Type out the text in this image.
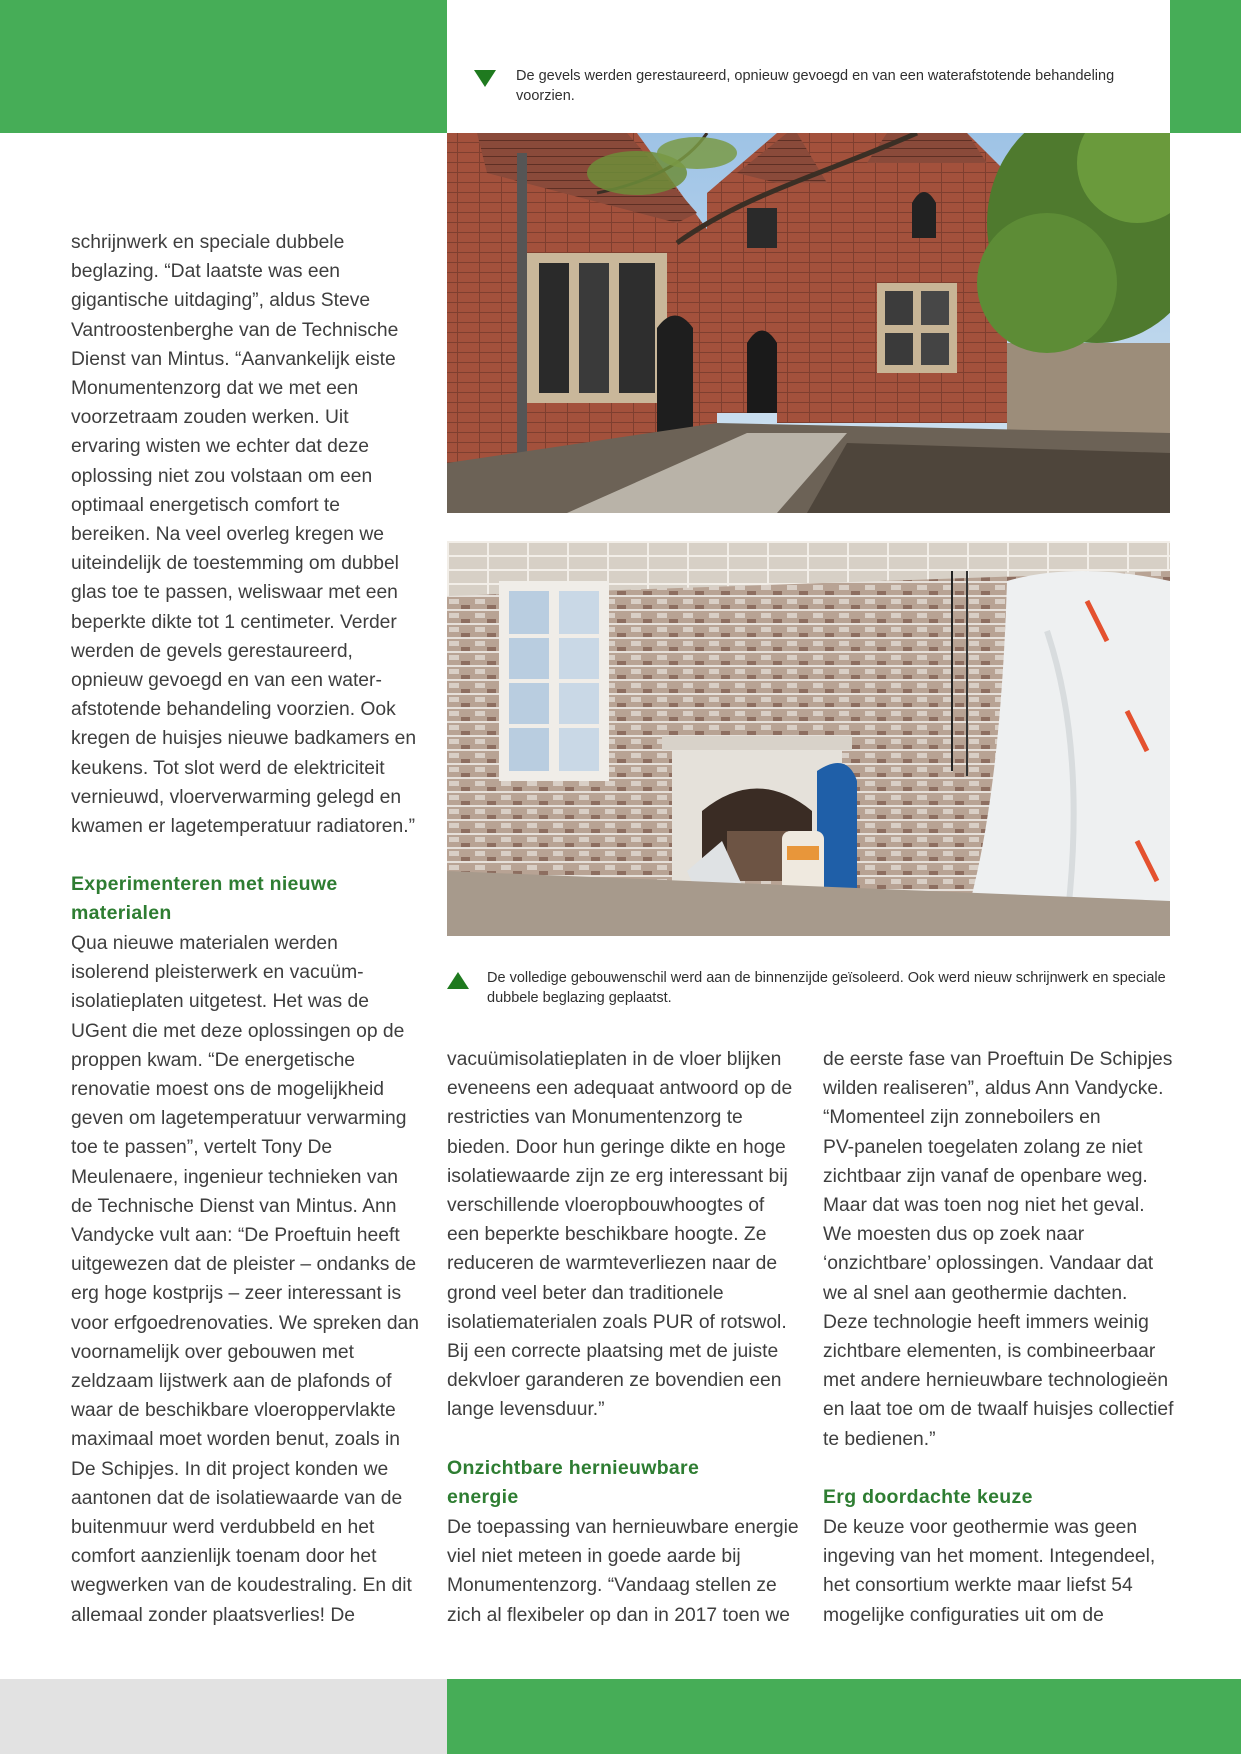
De gevels werden gerestaureerd, opnieuw gevoegd en van een waterafstotende behandeling voorzien.
De volledige gebouwenschil werd aan de binnenzijde geïsoleerd. Ook werd nieuw schrijnwerk en speciale dubbele beglazing geplaatst.
schrijnwerk en speciale dubbele
beglazing. “Dat laatste was een
gigantische uitdaging”, aldus Steve
Vantroostenberghe van de Technische
Dienst van Mintus. “Aanvankelijk eiste
Monumentenzorg dat we met een
voorzetraam zouden werken. Uit
ervaring wisten we echter dat deze
oplossing niet zou volstaan om een
optimaal energetisch comfort te
bereiken. Na veel overleg kregen we
uiteindelijk de toestemming om dubbel
glas toe te passen, weliswaar met een
beperkte dikte tot 1 centimeter. Verder
werden de gevels gerestaureerd,
opnieuw gevoegd en van een water-
afstotende behandeling voorzien. Ook
kregen de huisjes nieuwe badkamers en
keukens. Tot slot werd de elektriciteit
vernieuwd, vloerverwarming gelegd en
kwamen er lagetemperatuur radiatoren.”
Experimenteren met nieuwe
materialen
Qua nieuwe materialen werden
isolerend pleisterwerk en vacuüm-
isolatieplaten uitgetest. Het was de
UGent die met deze oplossingen op de
proppen kwam. “De energetische
renovatie moest ons de mogelijkheid
geven om lagetemperatuur verwarming
toe te passen”, vertelt Tony De
Meulenaere, ingenieur technieken van
de Technische Dienst van Mintus. Ann
Vandycke vult aan: “De Proeftuin heeft
uitgewezen dat de pleister – ondanks de
erg hoge kostprijs – zeer interessant is
voor erfgoedrenovaties. We spreken dan
voornamelijk over gebouwen met
zeldzaam lijstwerk aan de plafonds of
waar de beschikbare vloeroppervlakte
maximaal moet worden benut, zoals in
De Schipjes. In dit project konden we
aantonen dat de isolatiewaarde van de
buitenmuur werd verdubbeld en het
comfort aanzienlijk toenam door het
wegwerken van de koudestraling. En dit
allemaal zonder plaatsverlies! De
vacuümisolatieplaten in de vloer blijken
eveneens een adequaat antwoord op de
restricties van Monumentenzorg te
bieden. Door hun geringe dikte en hoge
isolatiewaarde zijn ze erg interessant bij
verschillende vloeropbouwhoogtes of
een beperkte beschikbare hoogte. Ze
reduceren de warmteverliezen naar de
grond veel beter dan traditionele
isolatiematerialen zoals PUR of rotswol.
Bij een correcte plaatsing met de juiste
dekvloer garanderen ze bovendien een
lange levensduur.”
Onzichtbare hernieuwbare
energie
De toepassing van hernieuwbare energie
viel niet meteen in goede aarde bij
Monumentenzorg. “Vandaag stellen ze
zich al flexibeler op dan in 2017 toen we
de eerste fase van Proeftuin De Schipjes
wilden realiseren”, aldus Ann Vandycke.
“Momenteel zijn zonneboilers en
PV-panelen toegelaten zolang ze niet
zichtbaar zijn vanaf de openbare weg.
Maar dat was toen nog niet het geval.
We moesten dus op zoek naar
‘onzichtbare’ oplossingen. Vandaar dat
we al snel aan geothermie dachten.
Deze technologie heeft immers weinig
zichtbare elementen, is combineerbaar
met andere hernieuwbare technologieën
en laat toe om de twaalf huisjes collectief
te bedienen.”
Erg doordachte keuze
De keuze voor geothermie was geen
ingeving van het moment. Integendeel,
het consortium werkte maar liefst 54
mogelijke configuraties uit om de
